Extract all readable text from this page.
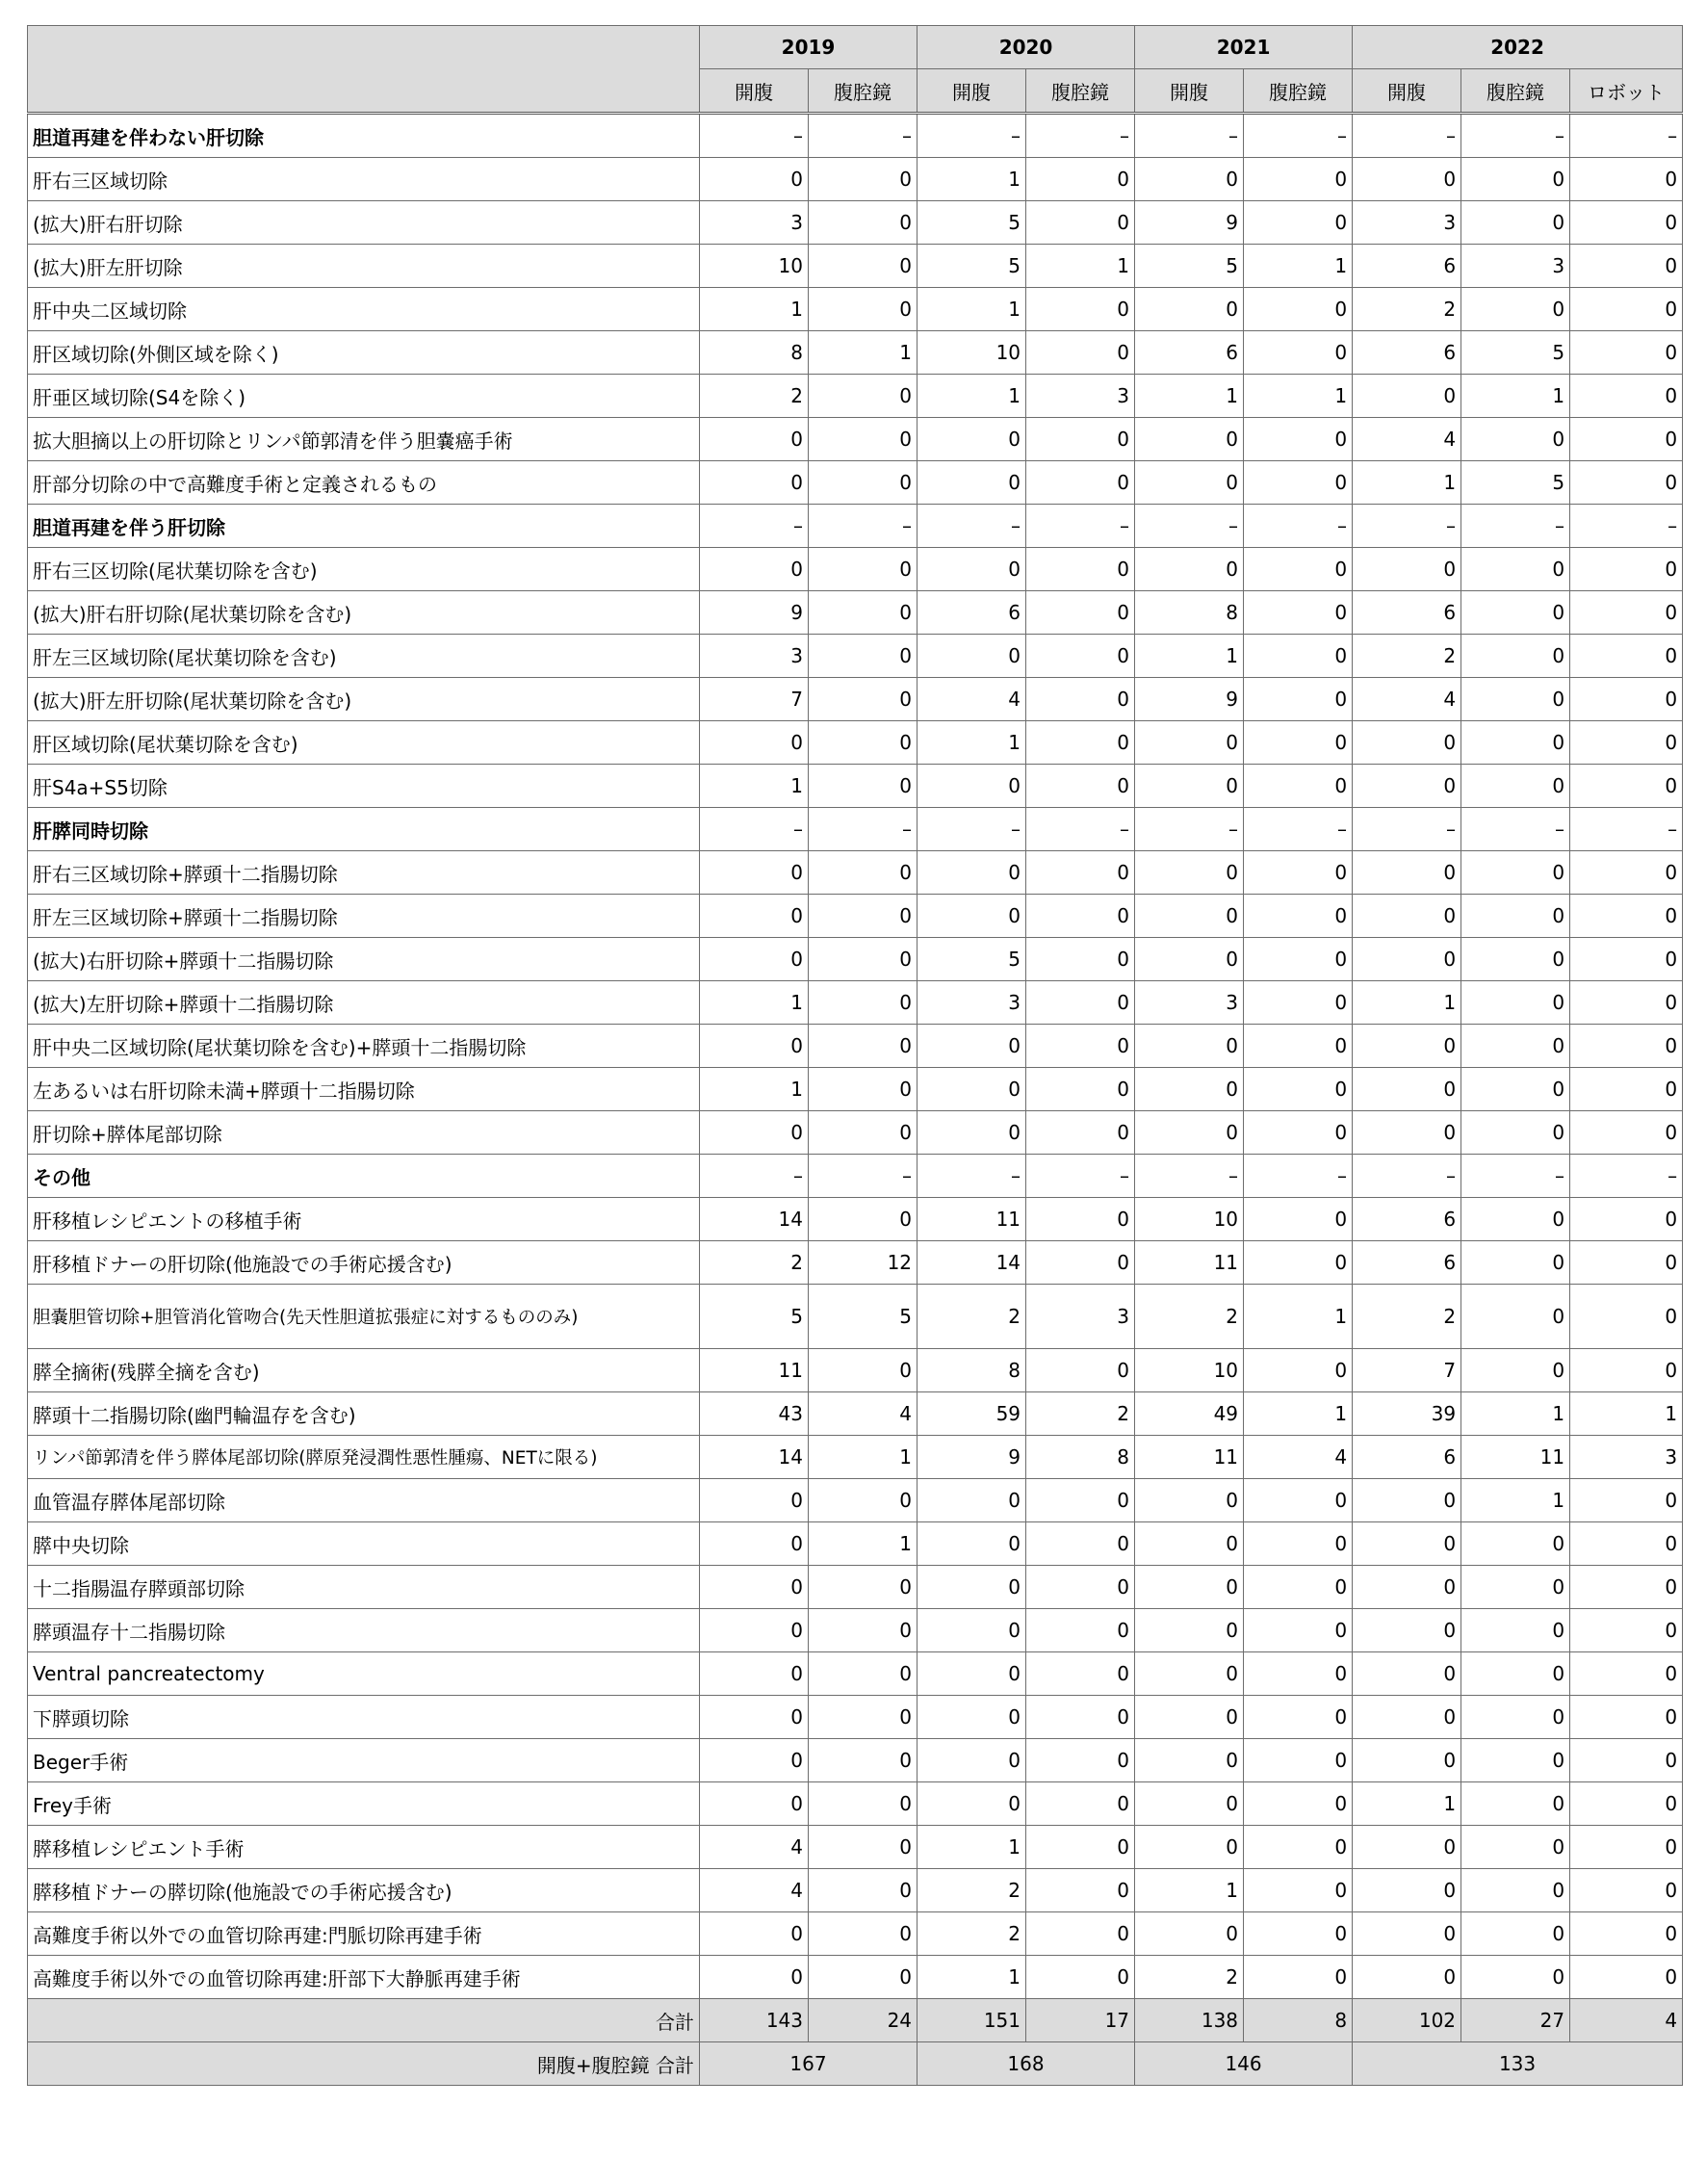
	2019		2020		2021		2022		
	開腹	腹腔鏡	開腹	腹腔鏡	開腹	腹腔鏡	開腹	腹腔鏡	ロボット
胆道再建を伴わない肝切除	–	–	–	–	–	–	–	–	–
肝右三区域切除	0	0	1	0	0	0	0	0	0
(拡大)肝右肝切除	3	0	5	0	9	0	3	0	0
(拡大)肝左肝切除	10	0	5	1	5	1	6	3	0
肝中央二区域切除	1	0	1	0	0	0	2	0	0
肝区域切除(外側区域を除く)	8	1	10	0	6	0	6	5	0
肝亜区域切除(S4を除く)	2	0	1	3	1	1	0	1	0
拡大胆摘以上の肝切除とリンパ節郭清を伴う胆嚢癌手術	0	0	0	0	0	0	4	0	0
肝部分切除の中で高難度手術と定義されるもの	0	0	0	0	0	0	1	5	0
胆道再建を伴う肝切除	–	–	–	–	–	–	–	–	–
肝右三区切除(尾状葉切除を含む)	0	0	0	0	0	0	0	0	0
(拡大)肝右肝切除(尾状葉切除を含む)	9	0	6	0	8	0	6	0	0
肝左三区域切除(尾状葉切除を含む)	3	0	0	0	1	0	2	0	0
(拡大)肝左肝切除(尾状葉切除を含む)	7	0	4	0	9	0	4	0	0
肝区域切除(尾状葉切除を含む)	0	0	1	0	0	0	0	0	0
肝S4a+S5切除	1	0	0	0	0	0	0	0	0
肝膵同時切除	–	–	–	–	–	–	–	–	–
肝右三区域切除+膵頭十二指腸切除	0	0	0	0	0	0	0	0	0
肝左三区域切除+膵頭十二指腸切除	0	0	0	0	0	0	0	0	0
(拡大)右肝切除+膵頭十二指腸切除	0	0	5	0	0	0	0	0	0
(拡大)左肝切除+膵頭十二指腸切除	1	0	3	0	3	0	1	0	0
肝中央二区域切除(尾状葉切除を含む)+膵頭十二指腸切除	0	0	0	0	0	0	0	0	0
左あるいは右肝切除未満+膵頭十二指腸切除	1	0	0	0	0	0	0	0	0
肝切除+膵体尾部切除	0	0	0	0	0	0	0	0	0
その他	–	–	–	–	–	–	–	–	–
肝移植レシピエントの移植手術	14	0	11	0	10	0	6	0	0
肝移植ドナーの肝切除(他施設での手術応援含む)	2	12	14	0	11	0	6	0	0
胆嚢胆管切除+胆管消化管吻合(先天性胆道拡張症に対するもののみ)	5	5	2	3	2	1	2	0	0
膵全摘術(残膵全摘を含む)	11	0	8	0	10	0	7	0	0
膵頭十二指腸切除(幽門輪温存を含む)	43	4	59	2	49	1	39	1	1
リンパ節郭清を伴う膵体尾部切除(膵原発浸潤性悪性腫瘍、NETに限る)	14	1	9	8	11	4	6	11	3
血管温存膵体尾部切除	0	0	0	0	0	0	0	1	0
膵中央切除	0	1	0	0	0	0	0	0	0
十二指腸温存膵頭部切除	0	0	0	0	0	0	0	0	0
膵頭温存十二指腸切除	0	0	0	0	0	0	0	0	0
Ventral pancreatectomy	0	0	0	0	0	0	0	0	0
下膵頭切除	0	0	0	0	0	0	0	0	0
Beger手術	0	0	0	0	0	0	0	0	0
Frey手術	0	0	0	0	0	0	1	0	0
膵移植レシピエント手術	4	0	1	0	0	0	0	0	0
膵移植ドナーの膵切除(他施設での手術応援含む)	4	0	2	0	1	0	0	0	0
高難度手術以外での血管切除再建:門脈切除再建手術	0	0	2	0	0	0	0	0	0
高難度手術以外での血管切除再建:肝部下大静脈再建手術	0	0	1	0	2	0	0	0	0
合計	143	24	151	17	138	8	102	27	4
開腹+腹腔鏡 合計	167		168		146		133		
